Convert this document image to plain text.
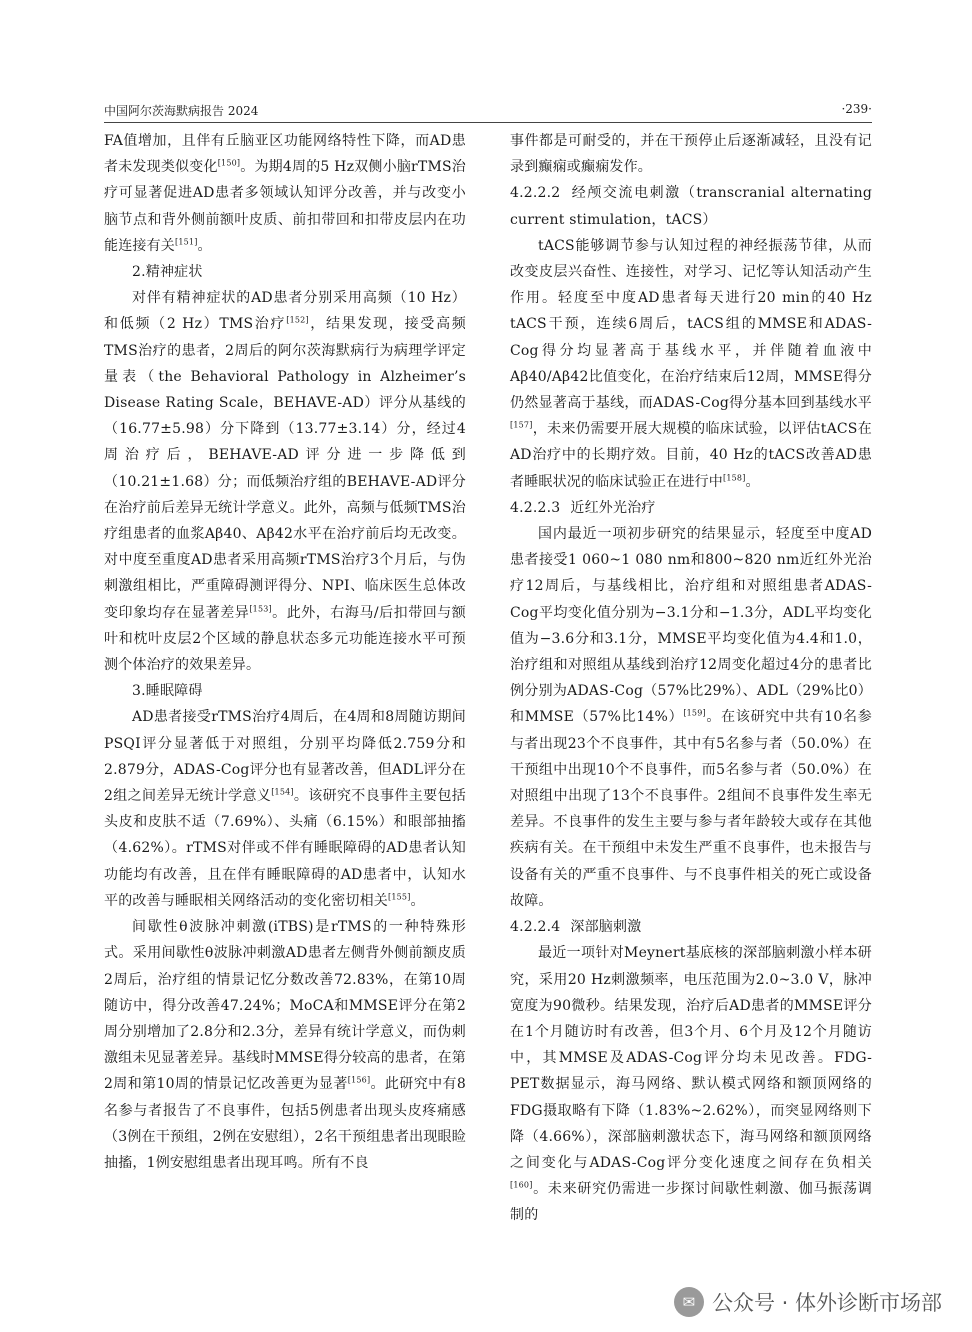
中国阿尔茨海默病报告 2024	·239·

FA值增加，且伴有丘脑亚区功能网络特性下降，而AD患者未发现类似变化[150]。为期4周的5 Hz双侧小脑rTMS治疗可显著促进AD患者多领域认知评分改善，并与改变小脑节点和背外侧前额叶皮质、前扣带回和扣带皮层内在功能连接有关[151]。

2.精神症状

对伴有精神症状的AD患者分别采用高频（10 Hz）和低频（2 Hz）TMS治疗[152]，结果发现，接受高频TMS治疗的患者，2周后的阿尔茨海默病行为病理学评定量表（the Behavioral Pathology in Alzheimer’s Disease Rating Scale，BEHAVE-AD）评分从基线的（16.77±5.98）分下降到（13.77±3.14）分，经过4周治疗后，BEHAVE-AD评分进一步降低到（10.21±1.68）分；而低频治疗组的BEHAVE-AD评分在治疗前后差异无统计学意义。此外，高频与低频TMS治疗组患者的血浆Aβ40、Aβ42水平在治疗前后均无改变。对中度至重度AD患者采用高频rTMS治疗3个月后，与伪刺激组相比，严重障碍测评得分、NPI、临床医生总体改变印象均存在显著差异[153]。此外，右海马/后扣带回与额叶和枕叶皮层2个区域的静息状态多元功能连接水平可预测个体治疗的效果差异。

3.睡眠障碍

AD患者接受rTMS治疗4周后，在4周和8周随访期间PSQI评分显著低于对照组，分别平均降低2.759分和2.879分，ADAS-Cog评分也有显著改善，但ADL评分在2组之间差异无统计学意义[154]。该研究不良事件主要包括头皮和皮肤不适（7.69%）、头痛（6.15%）和眼部抽搐（4.62%）。rTMS对伴或不伴有睡眠障碍的AD患者认知功能均有改善，且在伴有睡眠障碍的AD患者中，认知水平的改善与睡眠相关网络活动的变化密切相关[155]。

间歇性θ波脉冲刺激(iTBS)是rTMS的一种特殊形式。采用间歇性θ波脉冲刺激AD患者左侧背外侧前额皮质2周后，治疗组的情景记忆分数改善72.83%，在第10周随访中，得分改善47.24%；MoCA和MMSE评分在第2周分别增加了2.8分和2.3分，差异有统计学意义，而伪刺激组未见显著差异。基线时MMSE得分较高的患者，在第2周和第10周的情景记忆改善更为显著[156]。此研究中有8名参与者报告了不良事件，包括5例患者出现头皮疼痛感（3例在干预组，2例在安慰组），2名干预组患者出现眼睑抽搐，1例安慰组患者出现耳鸣。所有不良

事件都是可耐受的，并在干预停止后逐渐减轻，且没有记录到癫痫或癫痫发作。

4.2.2.2 经颅交流电刺激（transcranial alternating current stimulation，tACS）

tACS能够调节参与认知过程的神经振荡节律，从而改变皮层兴奋性、连接性，对学习、记忆等认知活动产生作用。轻度至中度AD患者每天进行20 min的40 Hz tACS干预，连续6周后，tACS组的MMSE和ADAS-Cog得分均显著高于基线水平，并伴随着血液中Aβ40/Aβ42比值变化，在治疗结束后12周，MMSE得分仍然显著高于基线，而ADAS-Cog得分基本回到基线水平[157]，未来仍需要开展大规模的临床试验，以评估tACS在AD治疗中的长期疗效。目前，40 Hz的tACS改善AD患者睡眠状况的临床试验正在进行中[158]。

4.2.2.3 近红外光治疗

国内最近一项初步研究的结果显示，轻度至中度AD患者接受1 060~1 080 nm和800~820 nm近红外光治疗12周后，与基线相比，治疗组和对照组患者ADAS-Cog平均变化值分别为−3.1分和−1.3分，ADL平均变化值为−3.6分和3.1分，MMSE平均变化值为4.4和1.0，治疗组和对照组从基线到治疗12周变化超过4分的患者比例分别为ADAS-Cog（57%比29%）、ADL（29%比0）和MMSE（57%比14%）[159]。在该研究中共有10名参与者出现23个不良事件，其中有5名参与者（50.0%）在干预组中出现10个不良事件，而5名参与者（50.0%）在对照组中出现了13个不良事件。2组间不良事件发生率无差异。不良事件的发生主要与参与者年龄较大或存在其他疾病有关。在干预组中未发生严重不良事件，也未报告与设备有关的严重不良事件、与不良事件相关的死亡或设备故障。

4.2.2.4 深部脑刺激

最近一项针对Meynert基底核的深部脑刺激小样本研究，采用20 Hz刺激频率，电压范围为2.0~3.0 V，脉冲宽度为90微秒。结果发现，治疗后AD患者的MMSE评分在1个月随访时有改善，但3个月、6个月及12个月随访中，其MMSE及ADAS-Cog评分均未见改善。FDG-PET数据显示，海马网络、默认模式网络和额顶网络的FDG摄取略有下降（1.83%~2.62%），而突显网络则下降（4.66%），深部脑刺激状态下，海马网络和额顶网络之间变化与ADAS-Cog评分变化速度之间存在负相关[160]。未来研究仍需进一步探讨间歇性刺激、伽马振荡调制的

✉ 公众号 · 体外诊断市场部
